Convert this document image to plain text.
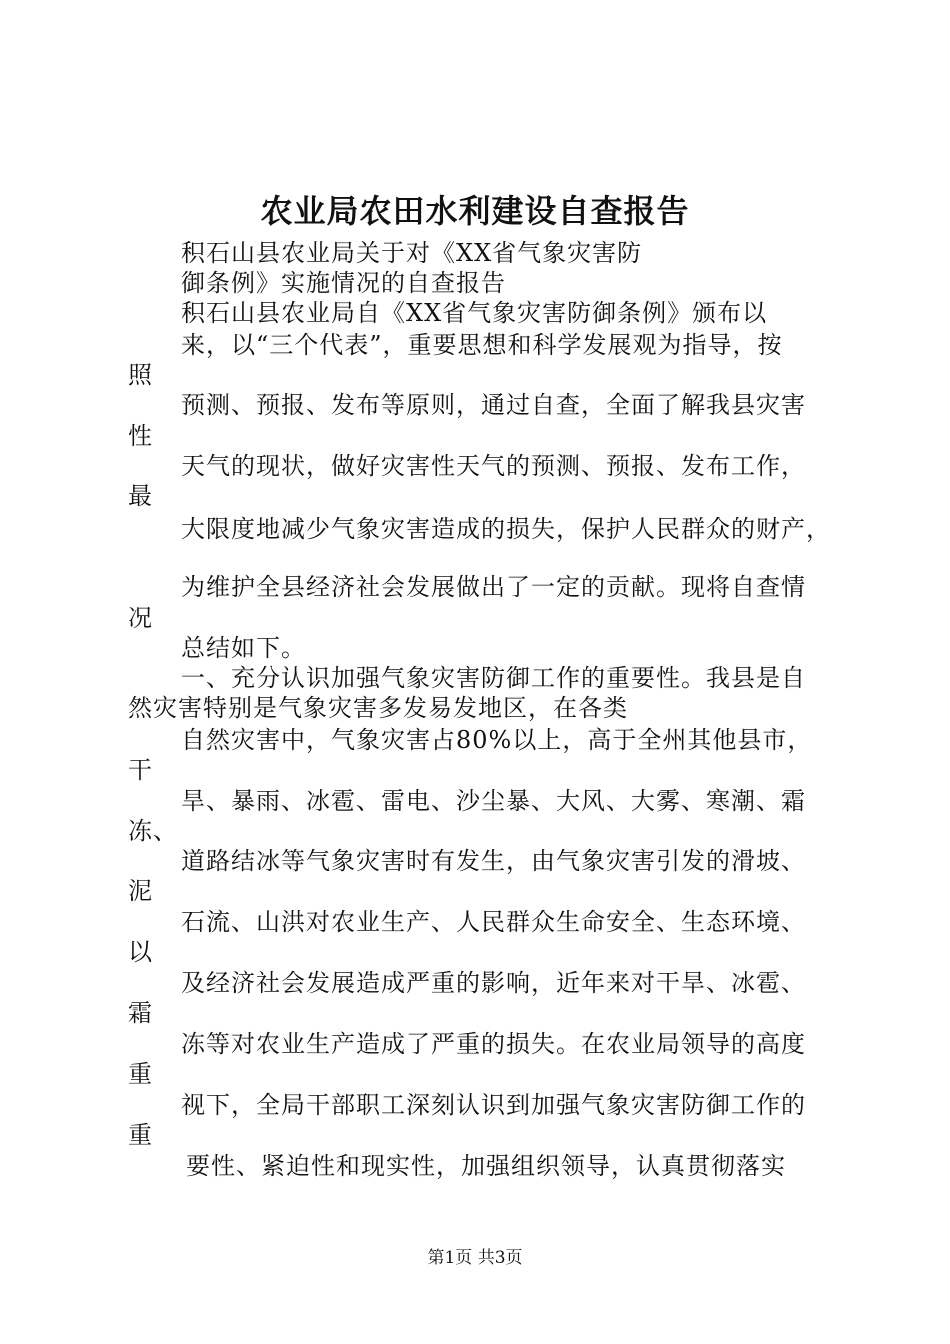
农业局农田水利建设自查报告
积石山县农业局关于对《XX省气象灾害防
御条例》实施情况的自查报告
积石山县农业局自《XX省气象灾害防御条例》颁布以
来，以“三个代表”，重要思想和科学发展观为指导，按
照
预测、预报、发布等原则，通过自查，全面了解我县灾害
性
天气的现状，做好灾害性天气的预测、预报、发布工作，
最
大限度地减少气象灾害造成的损失，保护人民群众的财产，
为维护全县经济社会发展做出了一定的贡献。现将自查情
况
总结如下。
一、充分认识加强气象灾害防御工作的重要性。我县是自
然灾害特别是气象灾害多发易发地区，在各类
自然灾害中，气象灾害占80%以上，高于全州其他县市，
干
旱、暴雨、冰雹、雷电、沙尘暴、大风、大雾、寒潮、霜
冻、
道路结冰等气象灾害时有发生，由气象灾害引发的滑坡、
泥
石流、山洪对农业生产、人民群众生命安全、生态环境、
以
及经济社会发展造成严重的影响，近年来对干旱、冰雹、
霜
冻等对农业生产造成了严重的损失。在农业局领导的高度
重
视下，全局干部职工深刻认识到加强气象灾害防御工作的
重
要性、紧迫性和现实性，加强组织领导，认真贯彻落实
第1页 共3页
